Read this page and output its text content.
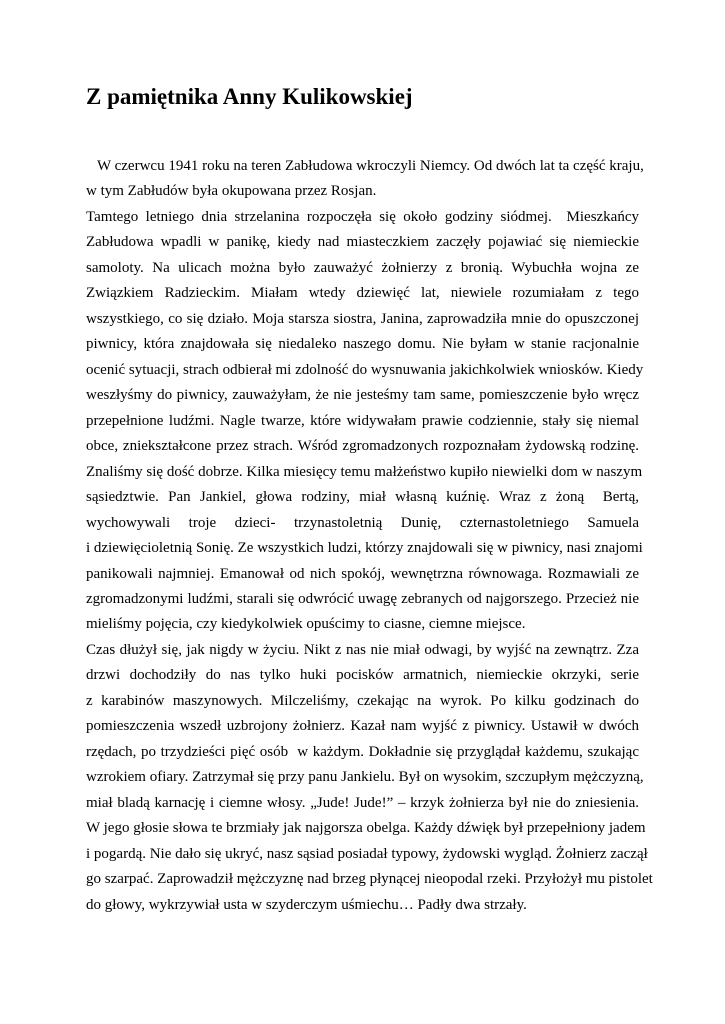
Z pamiętnika Anny Kulikowskiej
W czerwcu 1941 roku na teren Zabłudowa wkroczyli Niemcy. Od dwóch lat ta część kraju,
w tym Zabłudów była okupowana przez Rosjan.
Tamtego letniego dnia strzelanina rozpoczęła się około godziny siódmej.  Mieszkańcy
Zabłudowa wpadli w panikę, kiedy nad miasteczkiem zaczęły pojawiać się niemieckie
samoloty. Na ulicach można było zauważyć żołnierzy z bronią. Wybuchła wojna ze
Związkiem Radzieckim. Miałam wtedy dziewięć lat, niewiele rozumiałam z tego
wszystkiego, co się działo. Moja starsza siostra, Janina, zaprowadziła mnie do opuszczonej
piwnicy, która znajdowała się niedaleko naszego domu. Nie byłam w stanie racjonalnie
ocenić sytuacji, strach odbierał mi zdolność do wysnuwania jakichkolwiek wniosków. Kiedy
weszłyśmy do piwnicy, zauważyłam, że nie jesteśmy tam same, pomieszczenie było wręcz
przepełnione ludźmi. Nagle twarze, które widywałam prawie codziennie, stały się niemal
obce, zniekształcone przez strach. Wśród zgromadzonych rozpoznałam żydowską rodzinę.
Znaliśmy się dość dobrze. Kilka miesięcy temu małżeństwo kupiło niewielki dom w naszym
sąsiedztwie. Pan Jankiel, głowa rodziny, miał własną kuźnię. Wraz z żoną  Bertą,
wychowywali troje dzieci- trzynastoletnią Dunię, czternastoletniego Samuela
i dziewięcioletnią Sonię. Ze wszystkich ludzi, którzy znajdowali się w piwnicy, nasi znajomi
panikowali najmniej. Emanował od nich spokój, wewnętrzna równowaga. Rozmawiali ze
zgromadzonymi ludźmi, starali się odwrócić uwagę zebranych od najgorszego. Przecież nie
mieliśmy pojęcia, czy kiedykolwiek opuścimy to ciasne, ciemne miejsce.
Czas dłużył się, jak nigdy w życiu. Nikt z nas nie miał odwagi, by wyjść na zewnątrz. Zza
drzwi dochodziły do nas tylko huki pocisków armatnich, niemieckie okrzyki, serie
z karabinów maszynowych. Milczeliśmy, czekając na wyrok. Po kilku godzinach do
pomieszczenia wszedł uzbrojony żołnierz. Kazał nam wyjść z piwnicy. Ustawił w dwóch
rzędach, po trzydzieści pięć osób  w każdym. Dokładnie się przyglądał każdemu, szukając
wzrokiem ofiary. Zatrzymał się przy panu Jankielu. Był on wysokim, szczupłym mężczyzną,
miał bladą karnację i ciemne włosy. „Jude! Jude!” – krzyk żołnierza był nie do zniesienia.
W jego głosie słowa te brzmiały jak najgorsza obelga. Każdy dźwięk był przepełniony jadem
i pogardą. Nie dało się ukryć, nasz sąsiad posiadał typowy, żydowski wygląd. Żołnierz zaczął
go szarpać. Zaprowadził mężczyznę nad brzeg płynącej nieopodal rzeki. Przyłożył mu pistolet
do głowy, wykrzywiał usta w szyderczym uśmiechu… Padły dwa strzały.
